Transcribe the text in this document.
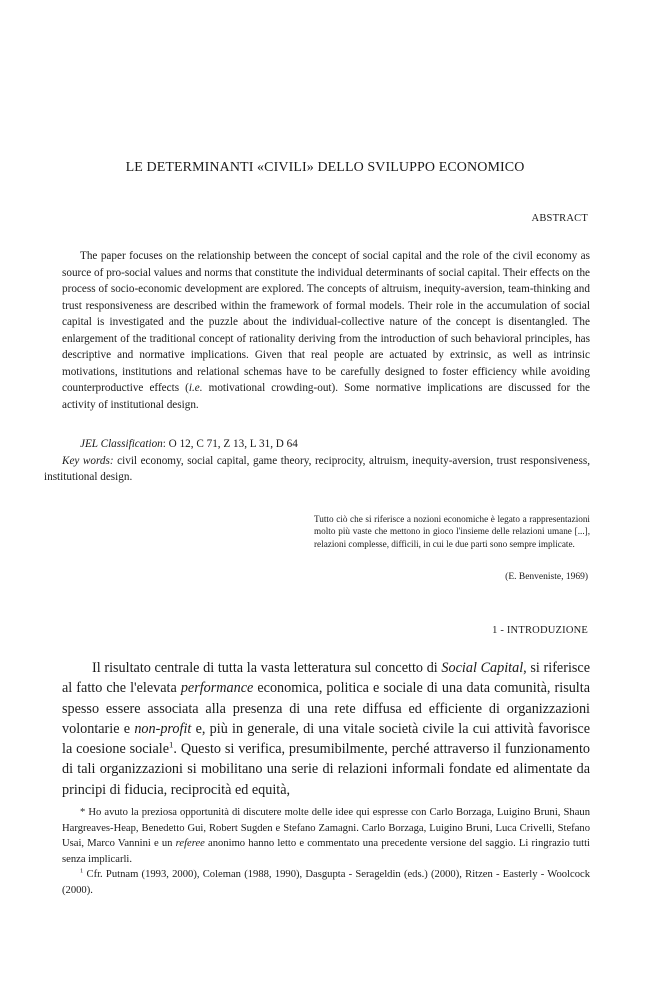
LE DETERMINANTI «CIVILI» DELLO SVILUPPO ECONOMICO
ABSTRACT

The paper focuses on the relationship between the concept of social capital and the role of the civil economy as source of pro-social values and norms that constitute the individual determinants of social capital. Their effects on the process of socio-economic development are explored. The concepts of altruism, inequity-aversion, team-thinking and trust responsiveness are described within the framework of formal models. Their role in the accumulation of social capital is investigated and the puzzle about the individual-collective nature of the concept is disentangled. The enlargement of the traditional concept of rationality deriving from the introduction of such behavioral principles, has descriptive and normative implications. Given that real people are actuated by extrinsic, as well as intrinsic motivations, institutions and relational schemas have to be carefully designed to foster efficiency while avoiding counterproductive effects (i.e. motivational crowding-out). Some normative implications are discussed for the activity of institutional design.

JEL Classification: O 12, C 71, Z 13, L 31, D 64

Key words: civil economy, social capital, game theory, reciprocity, altruism, inequity-aversion, trust responsiveness, institutional design.

Tutto ciò che si riferisce a nozioni economiche è legato a rappresentazioni molto più vaste che mettono in gioco l'insieme delle relazioni umane [...], relazioni complesse, difficili, in cui le due parti sono sempre implicate.

(E. Benveniste, 1969)
1 - INTRODUZIONE

Il risultato centrale di tutta la vasta letteratura sul concetto di Social Capital, si riferisce al fatto che l'elevata performance economica, politica e sociale di una data comunità, risulta spesso essere associata alla presenza di una rete diffusa ed efficiente di organizzazioni volontarie e non-profit e, più in generale, di una vitale società civile la cui attività favorisce la coesione sociale$^1$. Questo si verifica, presumibilmente, perché attraverso il funzionamento di tali organizzazioni si mobilitano una serie di relazioni informali fondate ed alimentate da principi di fiducia, reciprocità ed equità,

* Ho avuto la preziosa opportunità di discutere molte delle idee qui espresse con Carlo Borzaga, Luigino Bruni, Shaun Hargreaves-Heap, Benedetto Gui, Robert Sugden e Stefano Zamagni. Carlo Borzaga, Luigino Bruni, Luca Crivelli, Stefano Usai, Marco Vannini e un referee anonimo hanno letto e commentato una precedente versione del saggio. Li ringrazio tutti senza implicarli.

$^1$ Cfr. Putnam (1993, 2000), Coleman (1988, 1990), Dasgupta - Serageldin (eds.) (2000), Ritzen - Easterly - Woolcock (2000).
